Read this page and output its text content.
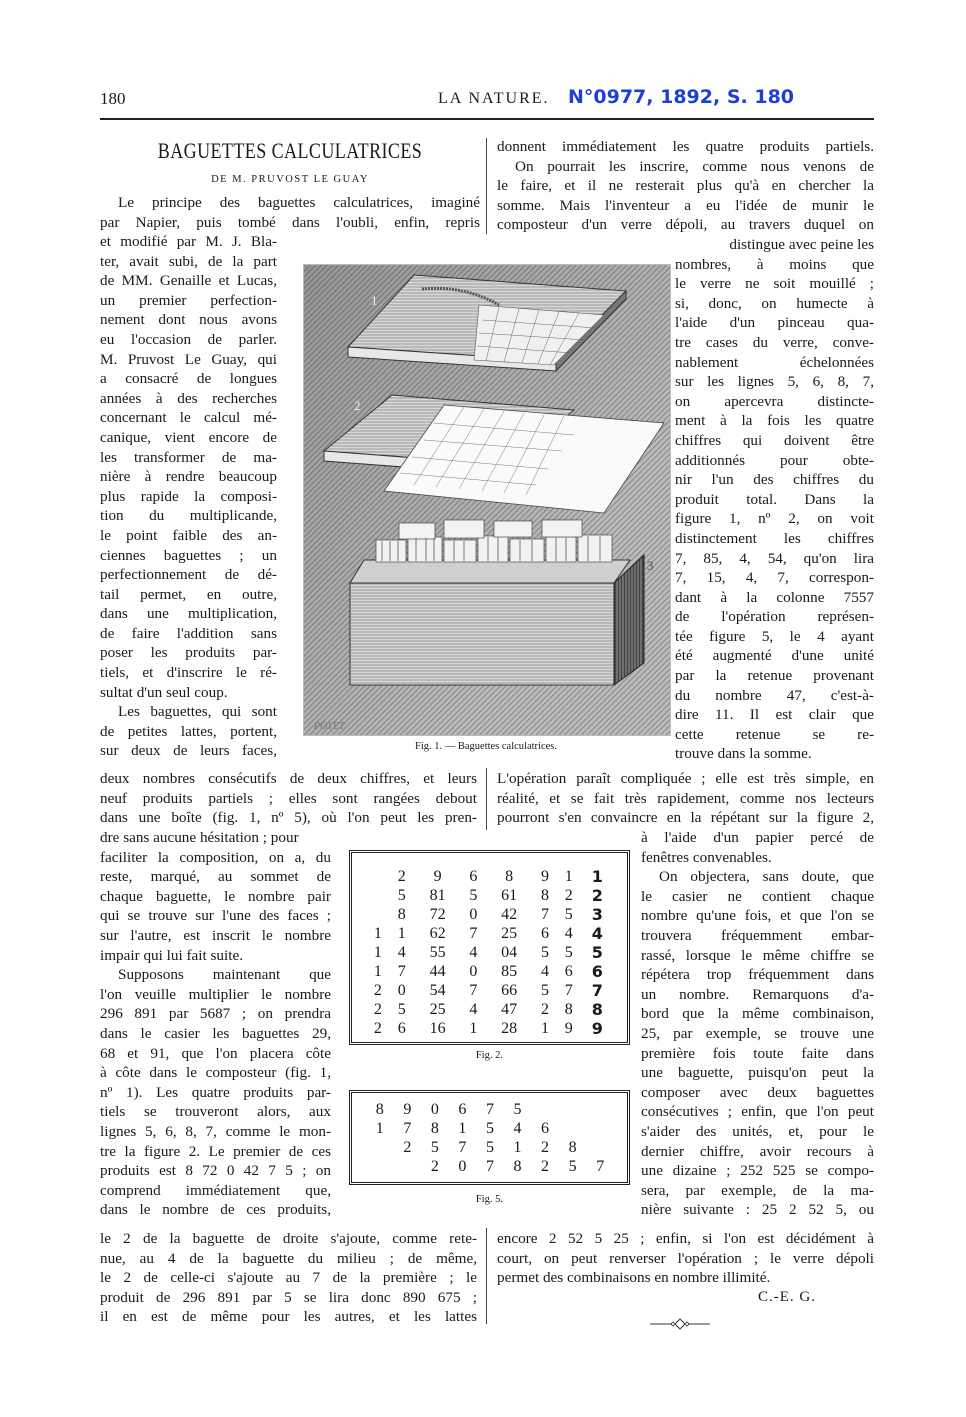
180	LA NATURE. N°0977, 1892, S. 180
BAGUETTES CALCULATRICES
DE M. PRUVOST LE GUAY
Le principe des baguettes calculatrices, imaginé
par Napier, puis tombé dans l'oubli, enfin, repris
et modifié par M. J. Bla-
ter, avait subi, de la part
de MM. Genaille et Lucas,
un premier perfection-
nement dont nous avons
eu l'occasion de parler.
M. Pruvost Le Guay, qui
a consacré de longues
années à des recherches
concernant le calcul mé-
canique, vient encore de
les transformer de ma-
nière à rendre beaucoup
plus rapide la composi-
tion du multiplicande,
le point faible des an-
ciennes baguettes ; un
perfectionnement de dé-
tail permet, en outre,
dans une multiplication,
de faire l'addition sans
poser les produits par-
tiels, et d'inscrire le ré-
sultat d'un seul coup.
Les baguettes, qui sont
de petites lattes, portent,
sur deux de leurs faces,
donnent immédiatement les quatre produits partiels.
On pourrait les inscrire, comme nous venons de
le faire, et il ne resterait plus qu'à en chercher la
somme. Mais l'inventeur a eu l'idée de munir le
composteur d'un verre dépoli, au travers duquel on
distingue avec peine les
nombres, à moins que
le verre ne soit mouillé ;
si, donc, on humecte à
l'aide d'un pinceau qua-
tre cases du verre, conve-
nablement échelonnées
sur les lignes 5, 6, 8, 7,
on apercevra distincte-
ment à la fois les quatre
chiffres qui doivent être
additionnés pour obte-
nir l'un des chiffres du
produit total. Dans la
figure 1, nº 2, on voit
distinctement les chiffres
7, 85, 4, 54, qu'on lira
7, 15, 4, 7, correspon-
dant à la colonne 7557
de l'opération représen-
tée figure 5, le 4 ayant
été augmenté d'une unité
par la retenue provenant
du nombre 47, c'est-à-
dire 11. Il est clair que
cette retenue se re-
trouve dans la somme.
1
2
3
POYET
Fig. 1. — Baguettes calculatrices.
deux nombres consécutifs de deux chiffres, et leurs
neuf produits partiels ; elles sont rangées debout
dans une boîte (fig. 1, nº 5), où l'on peut les pren-
L'opération paraît compliquée ; elle est très simple, en
réalité, et se fait très rapidement, comme nos lecteurs
pourront s'en convaincre en la répétant sur la figure 2,
dre sans aucune hésitation ; pour
faciliter la composition, on a, du
reste, marqué, au sommet de
chaque baguette, le nombre pair
qui se trouve sur l'une des faces ;
sur l'autre, est inscrit le nombre
impair qui lui fait suite.
Supposons maintenant que
l'on veuille multiplier le nombre
296 891 par 5687 ; on prendra
dans le casier les baguettes 29,
68 et 91, que l'on placera côte
à côte dans le composteur (fig. 1,
nº 1). Les quatre produits par-
tiels se trouveront alors, aux
lignes 5, 6, 8, 7, comme le mon-
tre la figure 2. Le premier de ces
produits est 8 72 0 42 7 5 ; on
comprend immédiatement que,
dans le nombre de ces produits,
à l'aide d'un papier percé de
fenêtres convenables.
On objectera, sans doute, que
le casier ne contient chaque
nombre qu'une fois, et que l'on se
trouvera fréquemment embar-
rassé, lorsque le même chiffre se
répétera trop fréquemment dans
un nombre. Remarquons d'a-
bord que la même combinaison,
25, par exemple, se trouve une
première fois toute faite dans
une baguette, puisqu'on peut la
composer avec deux baguettes
consécutives ; enfin, que l'on peut
s'aider des unités, et, pour le
dernier chiffre, avoir recours à
une dizaine ; 252 525 se compo-
sera, par exemple, de la ma-
nière suivante : 25 2 52 5, ou
	2	9	6	8	9	1	1
	5	81	5	61	8	2	2
	8	72	0	42	7	5	3
1	1	62	7	25	6	4	4
1	4	55	4	04	5	5	5
1	7	44	0	85	4	6	6
2	0	54	7	66	5	7	7
2	5	25	4	47	2	8	8
2	6	16	1	28	1	9	9
Fig. 2.
8	9	0	6	7	5			
1	7	8	1	5	4	6		
	2	5	7	5	1	2	8	
		2	0	7	8	2	5	7
Fig. 5.
le 2 de la baguette de droite s'ajoute, comme rete-
nue, au 4 de la baguette du milieu ; de même,
le 2 de celle-ci s'ajoute au 7 de la première ; le
produit de 296 891 par 5 se lira donc 890 675 ;
il en est de même pour les autres, et les lattes
encore 2 52 5 25 ; enfin, si l'on est décidément à
court, on peut renverser l'opération ; le verre dépoli
permet des combinaisons en nombre illimité.
C.-E. G.
